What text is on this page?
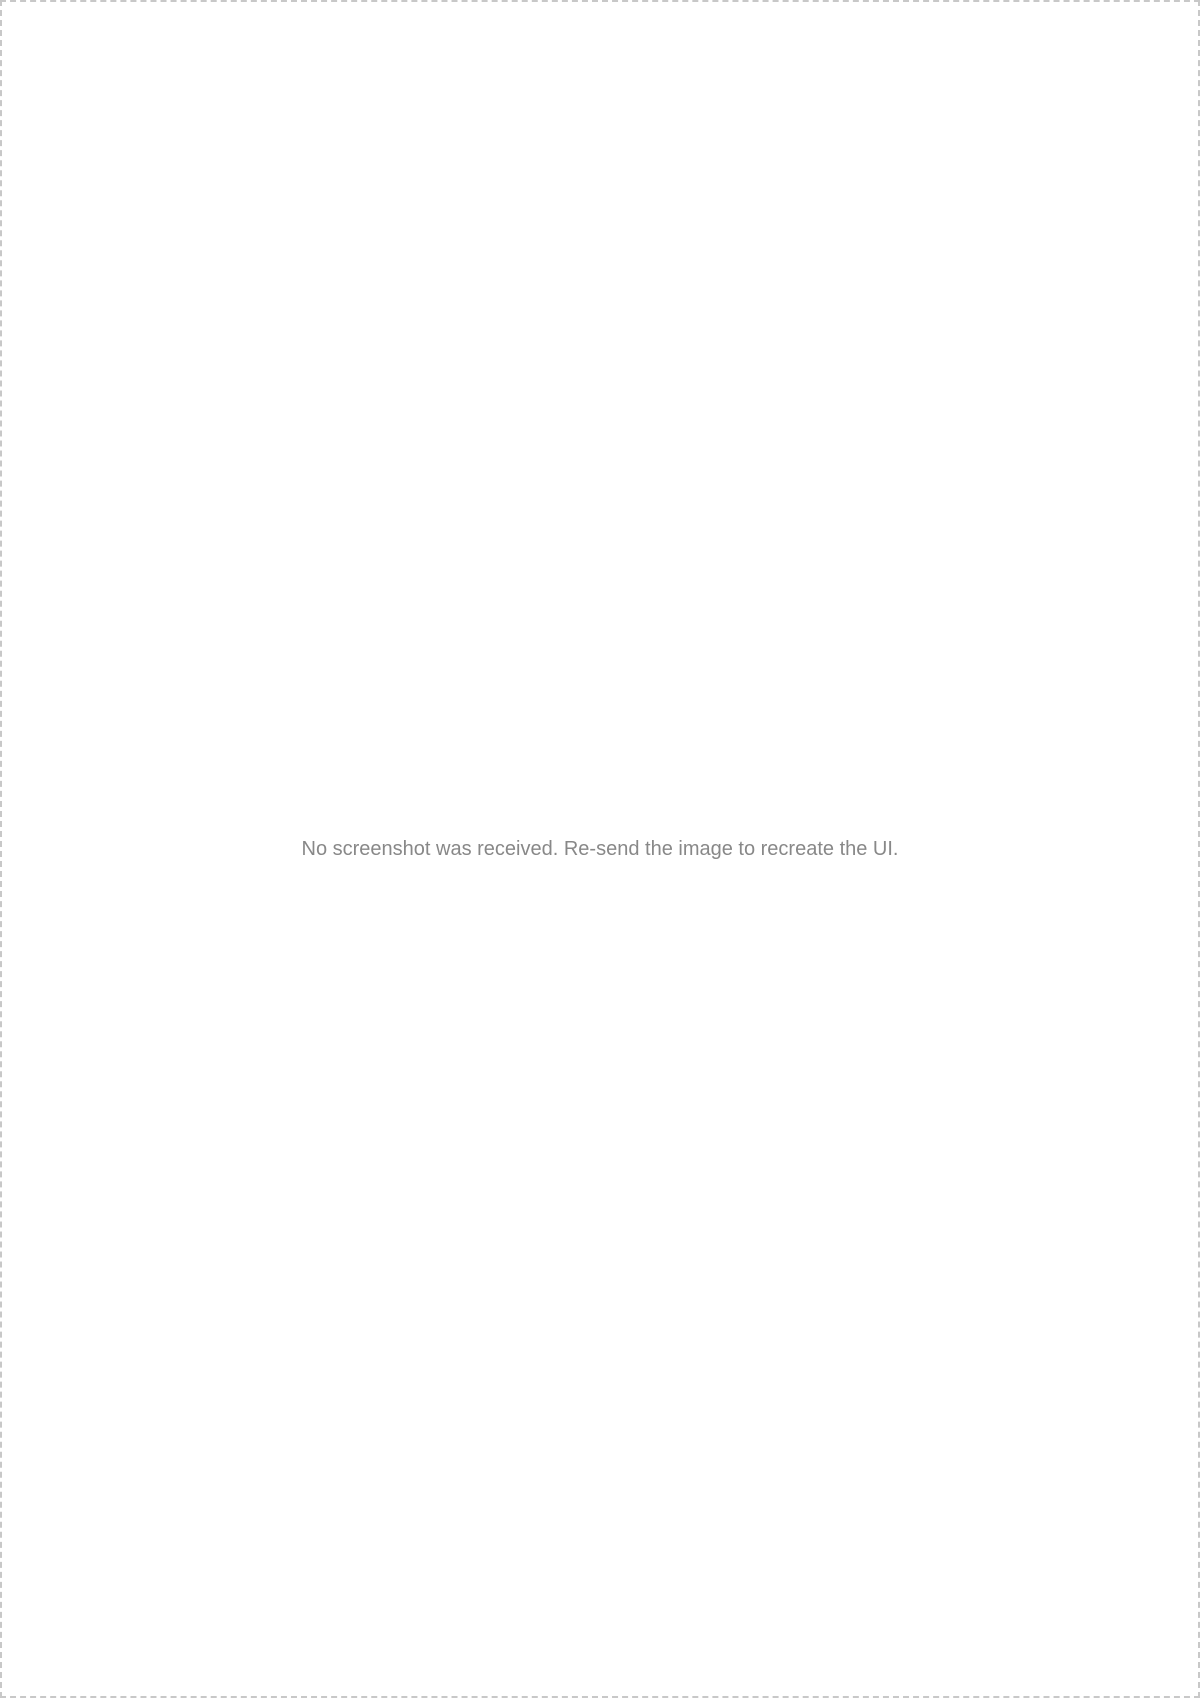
No screenshot was received. Re-send the image to recreate the UI.
